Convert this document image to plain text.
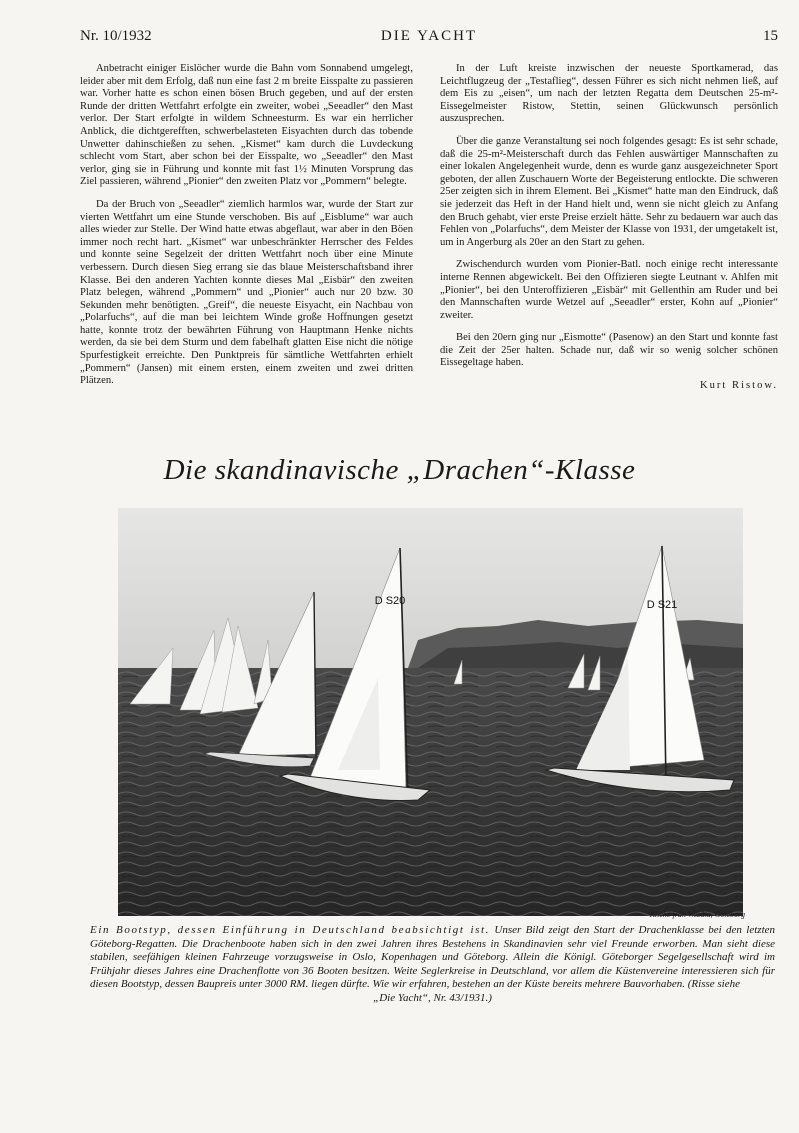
Nr. 10/1932	DIE YACHT	15

Anbetracht einiger Eislöcher wurde die Bahn vom Sonnabend umgelegt, leider aber mit dem Erfolg, daß nun eine fast 2 m breite Eisspalte zu passieren war. Vorher hatte es schon einen bösen Bruch gegeben, und auf der ersten Runde der dritten Wettfahrt erfolgte ein zweiter, wobei „Seeadler“ den Mast verlor. Der Start erfolgte in wildem Schneesturm. Es war ein herrlicher Anblick, die dichtgerefften, schwerbelasteten Eisyachten durch das tobende Unwetter dahinschießen zu sehen. „Kismet“ kam durch die Luvdeckung schlecht vom Start, aber schon bei der Eisspalte, wo „Seeadler“ den Mast verlor, ging sie in Führung und konnte mit fast 1½ Minuten Vorsprung das Ziel passieren, während „Pionier“ den zweiten Platz vor „Pommern“ belegte.

Da der Bruch von „Seeadler“ ziemlich harmlos war, wurde der Start zur vierten Wettfahrt um eine Stunde verschoben. Bis auf „Eisblume“ war auch alles wieder zur Stelle. Der Wind hatte etwas abgeflaut, war aber in den Böen immer noch recht hart. „Kismet“ war unbeschränkter Herrscher des Feldes und konnte seine Segelzeit der dritten Wettfahrt noch über eine Minute verbessern. Durch diesen Sieg errang sie das blaue Meisterschaftsband ihrer Klasse. Bei den anderen Yachten konnte dieses Mal „Eisbär“ den zweiten Platz belegen, während „Pommern“ und „Pionier“ auch nur 20 bzw. 30 Sekunden mehr benötigten. „Greif“, die neueste Eisyacht, ein Nachbau von „Polarfuchs“, auf die man bei leichtem Winde große Hoffnungen gesetzt hatte, konnte trotz der bewährten Führung von Hauptmann Henke nichts werden, da sie bei dem Sturm und dem fabelhaft glatten Eise nicht die nötige Spurfestigkeit erreichte. Den Punktpreis für sämtliche Wettfahrten erhielt „Pommern“ (Jansen) mit einem ersten, einem zweiten und zwei dritten Plätzen.

In der Luft kreiste inzwischen der neueste Sportkamerad, das Leichtflugzeug der „Testaflieg“, dessen Führer es sich nicht nehmen ließ, auf dem Eis zu „eisen“, um nach der letzten Regatta dem Deutschen 25-m²-Eissegelmeister Ristow, Stettin, seinen Glückwunsch persönlich auszusprechen.

Über die ganze Veranstaltung sei noch folgendes gesagt: Es ist sehr schade, daß die 25-m²-Meisterschaft durch das Fehlen auswärtiger Mannschaften zu einer lokalen Angelegenheit wurde, denn es wurde ganz ausgezeichneter Sport geboten, der allen Zuschauern Worte der Begeisterung entlockte. Die schweren 25er zeigten sich in ihrem Element. Bei „Kismet“ hatte man den Eindruck, daß sie jederzeit das Heft in der Hand hielt und, wenn sie nicht gleich zu Anfang den Bruch gehabt, vier erste Preise erzielt hätte. Sehr zu bedauern war auch das Fehlen von „Polarfuchs“, dem Meister der Klasse von 1931, der umgetakelt ist, um in Angerburg als 20er an den Start zu gehen.

Zwischendurch wurden vom Pionier-Batl. noch einige recht interessante interne Rennen abgewickelt. Bei den Offizieren siegte Leutnant v. Ahlfen mit „Pionier“, bei den Unteroffizieren „Eisbär“ mit Gellenthin am Ruder und bei den Mannschaften wurde Wetzel auf „Seeadler“ erster, Kohn auf „Pionier“ zweiter.

Bei den 20ern ging nur „Eismotte“ (Pasenow) an den Start und konnte fast die Zeit der 25er halten. Schade nur, daß wir so wenig solcher schönen Eissegeltage haben.

Kurt Ristow.
Die skandinavische „Drachen“-Klasse
D S20	D S21
Kliché från Wezäta, Göteborg
Ein Bootstyp, dessen Einführung in Deutschland beabsichtigt ist. Unser Bild zeigt den Start der Drachenklasse bei den letzten Göteborg-Regatten. Die Drachenboote haben sich in den zwei Jahren ihres Bestehens in Skandinavien sehr viel Freunde erworben. Man sieht diese stabilen, seefähigen kleinen Fahrzeuge vorzugsweise in Oslo, Kopenhagen und Göteborg. Allein die Königl. Göteborger Segelgesellschaft wird im Frühjahr dieses Jahres eine Drachenflotte von 36 Booten besitzen. Weite Seglerkreise in Deutschland, vor allem die Küstenvereine interessieren sich für diesen Bootstyp, dessen Baupreis unter 3000 RM. liegen dürfte. Wie wir erfahren, bestehen an der Küste bereits mehrere Bauvorhaben. (Risse siehe
„Die Yacht“, Nr. 43/1931.)
